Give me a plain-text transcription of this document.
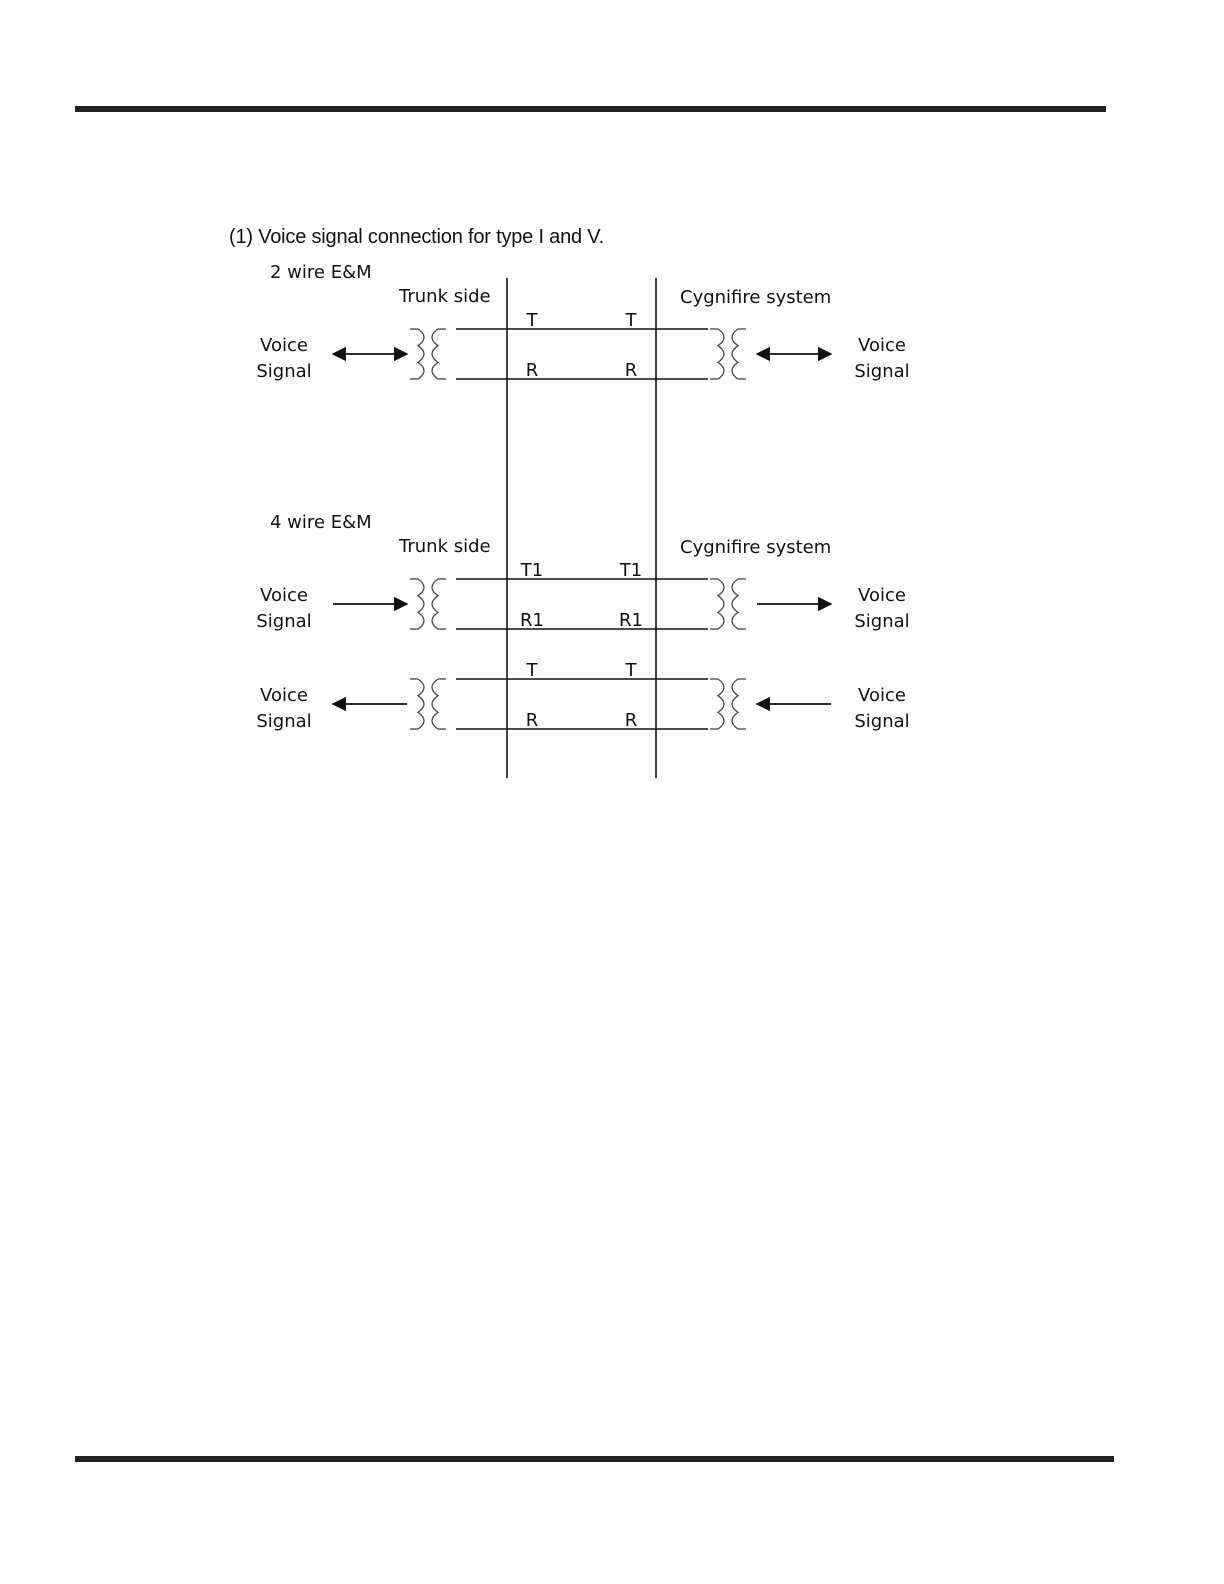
(1) Voice signal connection for type I and V.
2 wire E&M
Trunk side	Cygnifire system
T	T
R	R
Voice
Signal
Voice
Signal
4 wire E&M
Trunk side	Cygnifire system
T1	T1
R1	R1
Voice
Signal
Voice
Signal
T	T
R	R
Voice
Signal
Voice
Signal
